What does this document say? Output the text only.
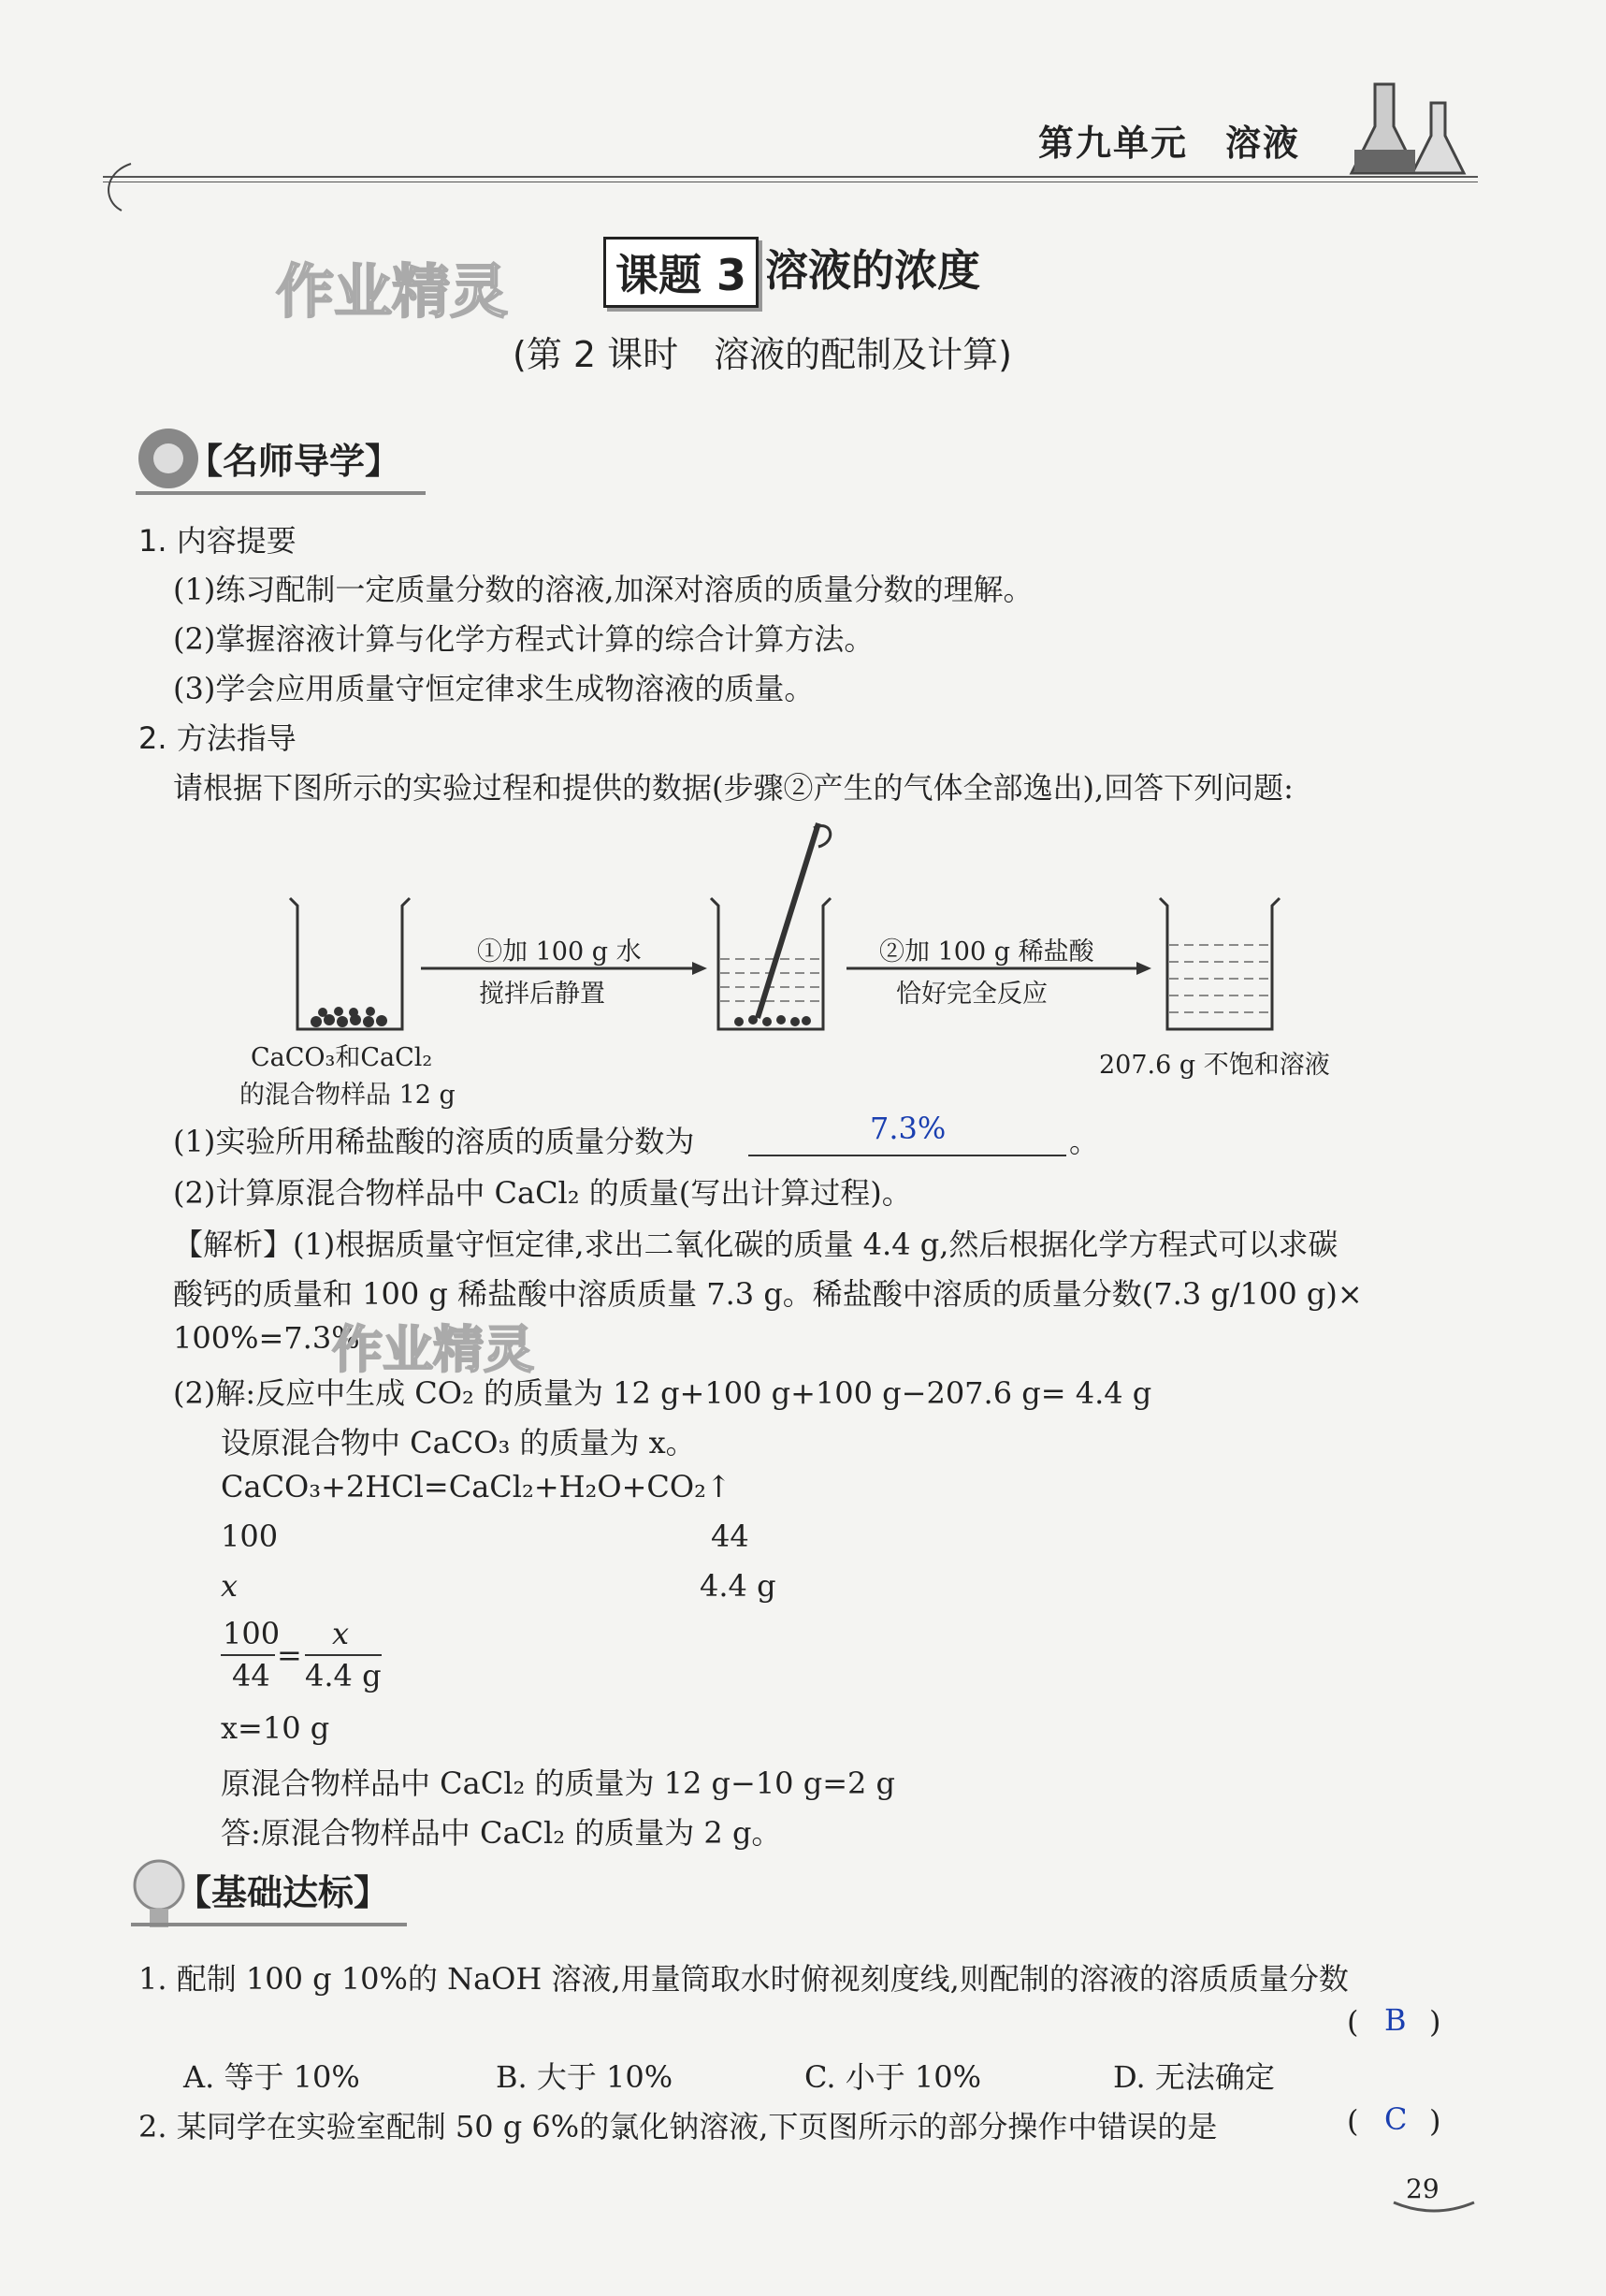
第九单元　溶液
作业精灵 课题 3 溶液的浓度
(第 2 课时　溶液的配制及计算)
【名师导学】
1. 内容提要
(1)练习配制一定质量分数的溶液,加深对溶质的质量分数的理解。
(2)掌握溶液计算与化学方程式计算的综合计算方法。
(3)学会应用质量守恒定律求生成物溶液的质量。
2. 方法指导
请根据下图所示的实验过程和提供的数据(步骤②产生的气体全部逸出),回答下列问题:
①加 100 g 水
搅拌后静置
②加 100 g 稀盐酸
恰好完全反应
CaCO₃和CaCl₂
的混合物样品 12 g
207.6 g 不饱和溶液
(1)实验所用稀盐酸的溶质的质量分数为	7.3%	。
(2)计算原混合物样品中 CaCl₂ 的质量(写出计算过程)。
【解析】(1)根据质量守恒定律,求出二氧化碳的质量 4.4 g,然后根据化学方程式可以求碳
酸钙的质量和 100 g 稀盐酸中溶质质量 7.3 g。稀盐酸中溶质的质量分数(7.3 g/100 g)×
100%=7.3%
作业精灵
(2)解:反应中生成 CO₂ 的质量为 12 g+100 g+100 g−207.6 g= 4.4 g
设原混合物中 CaCO₃ 的质量为 x。
CaCO₃+2HCl=CaCl₂+H₂O+CO₂↑
100	44
x	4.4 g
100
44
=
x
4.4 g
x=10 g
原混合物样品中 CaCl₂ 的质量为 12 g−10 g=2 g
答:原混合物样品中 CaCl₂ 的质量为 2 g。
【基础达标】
1. 配制 100 g 10%的 NaOH 溶液,用量筒取水时俯视刻度线,则配制的溶液的溶质质量分数
( B )
A. 等于 10%	B. 大于 10%	C. 小于 10%	D. 无法确定
2. 某同学在实验室配制 50 g 6%的氯化钠溶液,下页图所示的部分操作中错误的是	( C )
29
